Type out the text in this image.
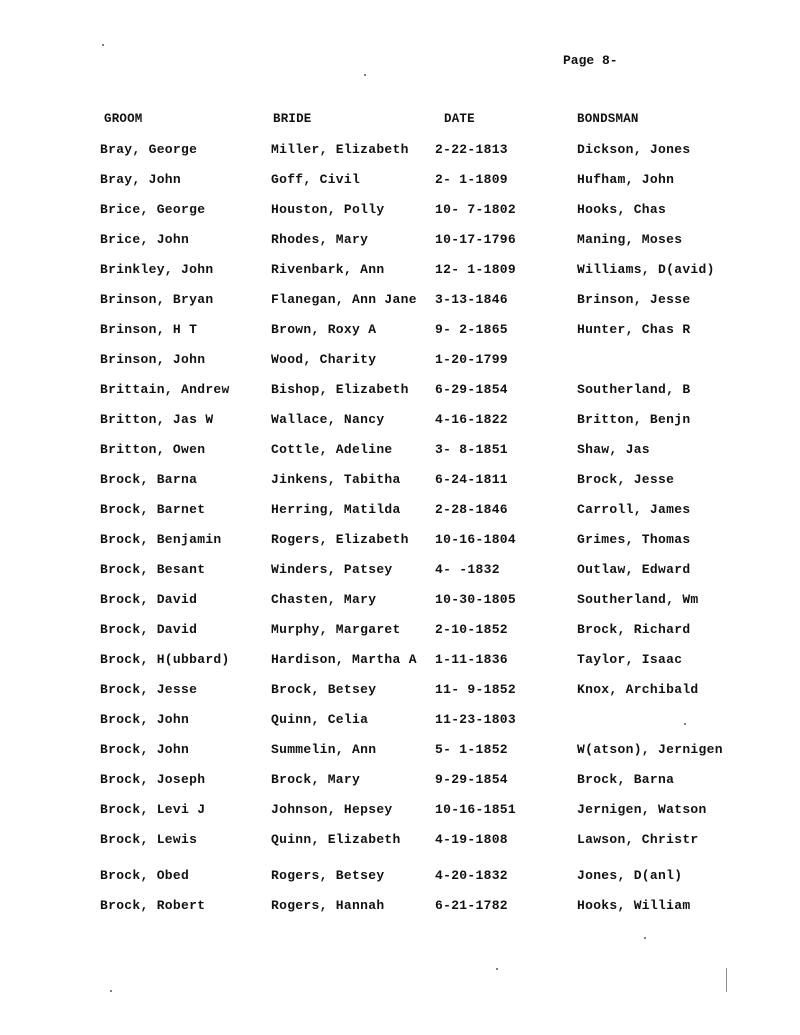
Page 8-
GROOM	BRIDE	DATE	BONDSMAN
Bray, George	Miller, Elizabeth 2-22-1813	Dickson, Jones
Bray, John	Goff, Civil	2- 1-1809	Hufham, John
Brice, George	Houston, Polly	10- 7-1802	Hooks, Chas
Brice, John	Rhodes, Mary	10-17-1796	Maning, Moses
Brinkley, John	Rivenbark, Ann	12- 1-1809	Williams, D(avid)
Brinson, Bryan	Flanegan, Ann Jane 3-13-1846	Brinson, Jesse
Brinson, H T	Brown, Roxy A	9- 2-1865	Hunter, Chas R
Brinson, John	Wood, Charity	1-20-1799
Brittain, Andrew	Bishop, Elizabeth 6-29-1854	Southerland, B
Britton, Jas W	Wallace, Nancy	4-16-1822	Britton, Benjn
Britton, Owen	Cottle, Adeline	3- 8-1851	Shaw, Jas
Brock, Barna	Jinkens, Tabitha	6-24-1811	Brock, Jesse
Brock, Barnet	Herring, Matilda	2-28-1846	Carroll, James
Brock, Benjamin	Rogers, Elizabeth 10-16-1804	Grimes, Thomas
Brock, Besant	Winders, Patsey	4- -1832	Outlaw, Edward
Brock, David	Chasten, Mary	10-30-1805	Southerland, Wm
Brock, David	Murphy, Margaret	2-10-1852	Brock, Richard
Brock, H(ubbard)	Hardison, Martha A 1-11-1836	Taylor, Isaac
Brock, Jesse	Brock, Betsey	11- 9-1852	Knox, Archibald
Brock, John	Quinn, Celia	11-23-1803
Brock, John	Summelin, Ann	5- 1-1852	W(atson), Jernigen
Brock, Joseph	Brock, Mary	9-29-1854	Brock, Barna
Brock, Levi J	Johnson, Hepsey	10-16-1851	Jernigen, Watson
Brock, Lewis	Quinn, Elizabeth	4-19-1808	Lawson, Christr
Brock, Obed	Rogers, Betsey	4-20-1832	Jones, D(anl)
Brock, Robert	Rogers, Hannah	6-21-1782	Hooks, William
